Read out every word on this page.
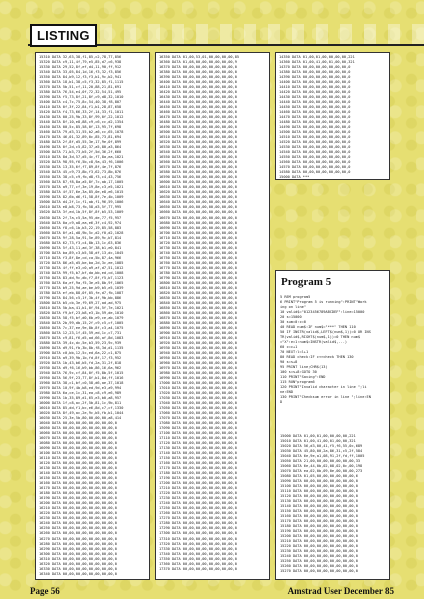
LISTING
15310 DATA 32,63,38,f1,85,c2,78,77,856
15320 DATA c9,11,4f,79,e5,85,d7,c6,938
15330 DATA 29,52,8f,ef,d4,11,90,ff,912
15340 DATA 33,05,84,1d,16,f3,32,f3,856
15350 DATA 84,b9,12,f3,f3,b1,9c,b2,941
15360 DATA 18,b1,38,c5,f3,32,85,f1,1115
15370 DATA 5b,51,cf,11,20,88,21,81,691
15380 DATA 76,54,e4,0f,72,32,54,51,495
15390 DATA f5,73,8f,21,8f,c9,d8,32,1010
15400 DATA c4,7c,75,8c,54,40,38,f8,807
15410 DATA 0f,3f,22,84,f1,b1,28,87,658
15420 DATA f4,73,66,33,2f,14,33,f1,1011
15430 DATA 00,25,9b,33,8f,99,0f,22,1012
15440 DATA 8f,10,e8,88,c9,c6,cc,d2,1354
15450 DATA 00,5c,85,58,0f,13,95,7f,698
15460 DATA 79,d3,31,55,b2,a6,cc,65,1078
15470 DATA 46,01,32,89,0c,85,73,81,694
15480 DATA 2f,8f,d5,55,3e,17,9e,0f,899
15490 DATA 0f,2d,c5,82,37,a5,80,a3,864
15500 DATA 71,b3,73,b5,2f,5d,36,2f,660
15510 DATA 8d,3d,57,d5,4c,f7,8a,ea,1021
15520 DATA 98,95,f6,5b,c8,9a,43,f6,1006
15530 DATA 13,35,6f,f7,89,8f,4e,7f,876
15540 DATA 45,c9,73,8b,f3,62,73,8b,876
15550 DATA 38,c5,c9,fb,d8,f3,c4,43,756
15560 DATA 87,f8,8a,a5,8f,7c,ab,17,1005
15570 DATA a9,77,cf,3e,19,8e,c3,e5,1021
15580 DATA 4f,57,6e,3a,85,0e,e8,e6,1015
15590 DATA 82,6b,d6,f1,58,8f,7e,4b,1009
15600 DATA d4,2f,1c,f1,ab,f1,96,59,1006
15610 DATA e8,b8,73,fb,58,d3,5f,77,995
15620 DATA 3f,ed,1b,5f,8f,8f,b5,53,1009
15630 DATA 2f,7a,c5,5a,95,de,77,f5,957
15640 DATA 0a,c9,a8,ea,e6,3f,c4,92,974
15650 DATA f8,c6,1b,b3,22,19,85,58,883
15660 DATA 0f,a1,d8,9b,5c,d2,f0,d2,1028
15670 DATA 9f,28,5a,91,5e,89,9c,b7,814
15680 DATA 62,73,f3,c4,8b,13,1c,63,836
15690 DATA 5f,43,11,ad,3f,38,b1,e0,841
15700 DATA ba,89,c3,b5,58,df,13,dc,1045
15710 DATA f3,8f,8e,cd,ca,5b,87,4a,966
15720 DATA 86,a5,d5,be,ba,2d,3c,ee,1085
15730 DATA 4f,ff,e3,c0,a9,af,d7,51,1012
15740 DATA 99,f5,b7,bf,da,bb,ed,cd,1008
15750 DATA 83,dd,9c,db,f7,8f,f5,b7,1123
15760 DATA 6a,ef,9a,f5,3e,e5,8b,9f,1065
15770 DATA b9,25,9d,ae,be,b9,b5,e5,1039
15780 DATA ef,eb,88,0f,05,fe,d7,fb,1087
15790 DATA 84,56,c5,1f,3b,4f,9b,bb,886
15800 DATA b5,cb,3e,f9,69,27,ad,ad,975
15810 DATA 5b,ba,41,b1,0f,94,5f,7e,1021
15820 DATA f9,bf,23,b8,e3,1b,59,de,1010
15830 DATA 58,f5,bf,d0,6b,e9,ce,ab,1079
15840 DATA 2b,99,db,15,2f,c9,c5,cf,1005
15850 DATA 7c,37,ee,9e,8b,8f,c3,a4,1075
15860 DATA 12,23,1f,45,59,ed,1c,c7,731
15870 DATA c9,81,f6,d5,ad,66,af,8d,1083
15880 DATA 39,4c,dc,5e,b3,59,23,9c,939
15890 DATA d9,91,fb,3b,8b,f8,3d,d1,1135
15900 DATA c0,bb,12,5c,ed,6a,22,c1,875
15910 DATA a9,39,9b,1b,fd,8f,17,f3,952
15920 DATA 1b,43,b6,b5,fd,2a,31,2f,818
15930 DATA d9,f6,16,b9,bb,86,16,6a,962
15940 DATA 76,9c,cf,84,0f,f5,8b,5f,1015
15950 DATA 56,9f,23,77,8f,b1,8d,ff,1016
15960 DATA 38,c1,bf,c0,58,d6,ae,37,1018
15970 DATA 10,9f,4b,b8,ed,9d,e3,a9,994
15980 DATA 6a,ce,1c,31,ea,c8,c9,e6,989
15990 DATA 1b,35,89,d1,65,e3,b0,a8,957
16000 DATA 1f,c8,ac,2f,5b,81,1c,9b,811
16010 DATA 85,dd,f1,bc,e6,8d,c7,cf,1330
16020 DATA 8f,49,ac,2e,9c,b5,fb,b1,1044
16030 DATA 25,3e,5b,80,00,00,00,a8,414
16040 DATA 00,00,00,00,00,00,00,00,0
16050 DATA 00,00,00,00,00,00,00,00,0
16060 DATA 00,00,00,00,00,00,00,00,0
16070 DATA 00,00,00,00,00,00,00,00,0
16080 DATA 00,00,00,00,00,00,00,00,0
16090 DATA 00,00,00,00,00,00,00,00,0
16100 DATA 00,00,00,00,00,00,00,00,0
16110 DATA 00,00,00,00,00,00,00,00,0
16120 DATA 00,00,00,00,00,00,00,00,0
16130 DATA 00,00,00,00,00,00,00,00,0
16140 DATA 00,00,00,00,00,00,00,00,0
16150 DATA 00,00,00,00,00,00,00,00,0
16160 DATA 00,00,00,00,00,00,00,00,0
16170 DATA 00,00,00,00,00,00,00,00,0
16180 DATA 00,00,00,00,00,00,00,00,0
16190 DATA 00,00,00,00,00,00,00,00,0
16200 DATA 00,00,00,00,00,00,00,00,0
16210 DATA 00,00,00,00,00,00,00,00,0
16220 DATA 00,00,00,00,00,00,00,00,0
16230 DATA 00,00,00,00,00,00,00,00,0
16240 DATA 00,00,00,00,00,00,00,00,0
16250 DATA 00,00,00,00,00,00,00,00,0
16260 DATA 00,00,00,00,00,00,00,00,0
16270 DATA 00,00,00,00,00,00,00,00,0
16280 DATA 00,00,00,00,00,00,00,00,0
16290 DATA 00,00,00,00,00,00,00,00,0
16300 DATA 00,00,00,00,00,00,00,00,0
16310 DATA 00,00,00,00,00,00,00,00,0
16320 DATA 00,00,00,00,00,00,00,00,0
16330 DATA 00,00,00,00,00,00,00,00,0
16340 DATA 00,00,00,00,00,00,00,00,0
16350 DATA 01,00,53,01,00,00,00,00,85
16360 DATA 01,08,00,00,00,00,00,00,9
16370 DATA 00,00,00,00,00,00,00,00,0
16380 DATA 00,00,00,00,00,00,00,00,0
16390 DATA 00,00,00,00,00,00,00,00,0
16400 DATA 00,00,00,00,00,00,00,00,0
16410 DATA 00,00,00,00,00,00,00,00,0
16420 DATA 00,00,00,00,00,00,00,00,0
16430 DATA 00,00,00,00,00,00,00,00,0
16440 DATA 00,00,00,00,00,00,00,00,0
16450 DATA 00,00,00,00,00,00,00,00,0
16460 DATA 00,00,00,00,00,00,00,00,0
16470 DATA 00,00,00,00,00,00,00,00,0
16480 DATA 00,00,00,00,00,00,00,00,0
16490 DATA 00,00,00,00,00,00,00,00,0
16500 DATA 00,00,00,00,00,00,00,00,0
16510 DATA 00,00,00,00,00,00,00,00,0
16520 DATA 00,00,00,00,00,00,00,00,0
16530 DATA 00,00,00,00,00,00,00,00,0
16540 DATA 00,00,00,00,00,00,00,00,0
16550 DATA 00,00,00,00,00,00,00,00,0
16560 DATA 00,00,00,00,00,00,00,00,0
16570 DATA 00,00,00,00,00,00,00,00,0
16580 DATA 00,00,00,00,00,00,00,00,0
16590 DATA 00,00,00,00,00,00,00,00,0
16600 DATA 00,00,00,00,00,00,00,00,0
16610 DATA 00,00,00,00,00,00,00,00,0
16620 DATA 00,00,00,00,00,00,00,00,0
16630 DATA 00,00,00,00,00,00,00,00,0
16640 DATA 00,00,00,00,00,00,00,00,0
16650 DATA 00,00,00,00,00,00,00,00,0
16660 DATA 00,00,00,00,00,00,00,00,0
16670 DATA 00,00,00,00,00,00,00,00,0
16680 DATA 00,00,00,00,00,00,00,00,0
16690 DATA 00,00,00,00,00,00,00,00,0
16700 DATA 00,00,00,00,00,00,00,00,0
16710 DATA 00,00,00,00,00,00,00,00,0
16720 DATA 00,00,00,00,00,00,00,00,0
16730 DATA 00,00,00,00,00,00,00,00,0
16740 DATA 00,00,00,00,00,00,00,00,0
16750 DATA 00,00,00,00,00,00,00,00,0
16760 DATA 00,00,00,00,00,00,00,00,0
16770 DATA 00,00,00,00,00,00,00,00,0
16780 DATA 00,00,00,00,00,00,00,00,0
16790 DATA 00,00,00,00,00,00,00,00,0
16800 DATA 00,00,00,00,00,00,00,00,0
16810 DATA 00,00,00,00,00,00,00,00,0
16820 DATA 00,00,00,00,00,00,00,00,0
16830 DATA 00,00,00,00,00,00,00,00,0
16840 DATA 00,00,00,00,00,00,00,00,0
16850 DATA 00,00,00,00,00,00,00,00,0
16860 DATA 00,00,00,00,00,00,00,00,0
16870 DATA 00,00,00,00,00,00,00,00,0
16880 DATA 00,00,00,00,00,00,00,00,0
16890 DATA 00,00,00,00,00,00,00,00,0
16900 DATA 00,00,00,00,00,00,00,00,0
16910 DATA 00,00,00,00,00,00,00,00,0
16920 DATA 00,00,00,00,00,00,00,00,0
16930 DATA 00,00,00,00,00,00,00,00,0
16940 DATA 00,00,00,00,00,00,00,00,0
16950 DATA 00,00,00,00,00,00,00,00,0
16960 DATA 00,00,00,00,00,00,00,00,0
16970 DATA 00,00,00,00,00,00,00,00,0
16980 DATA 00,00,00,00,00,00,00,00,0
16990 DATA 00,00,00,00,00,00,00,00,0
17000 DATA 00,00,00,00,00,00,00,00,0
17010 DATA 00,00,00,00,00,00,00,00,0
17020 DATA 00,00,00,00,00,00,00,00,0
17030 DATA 00,00,00,00,00,00,00,00,0
17040 DATA 00,00,00,00,00,00,00,00,0
17050 DATA 00,00,00,00,00,00,00,00,0
17060 DATA 00,00,00,00,00,00,00,00,0
17070 DATA 00,00,00,00,00,00,00,00,0
17080 DATA 00,00,00,00,00,00,00,00,0
17090 DATA 00,00,00,00,00,00,00,00,0
17100 DATA 00,00,00,00,00,00,00,00,0
17110 DATA 00,00,00,00,00,00,00,00,0
17120 DATA 00,00,00,00,00,00,00,00,0
17130 DATA 00,00,00,00,00,00,00,00,0
17140 DATA 00,00,00,00,00,00,00,00,0
17150 DATA 00,00,00,00,00,00,00,00,0
17160 DATA 00,00,00,00,00,00,00,00,0
17170 DATA 00,00,00,00,00,00,00,00,0
17180 DATA 00,00,00,00,00,00,00,00,0
17190 DATA 00,00,00,00,00,00,00,00,0
17200 DATA 00,00,00,00,00,00,00,00,0
17210 DATA 00,00,00,00,00,00,00,00,0
17220 DATA 00,00,00,00,00,00,00,00,0
17230 DATA 00,00,00,00,00,00,00,00,0
17240 DATA 00,00,00,00,00,00,00,00,0
17250 DATA 00,00,00,00,00,00,00,00,0
17260 DATA 00,00,00,00,00,00,00,00,0
17270 DATA 00,00,00,00,00,00,00,00,0
17280 DATA 00,00,00,00,00,00,00,00,0
17290 DATA 00,00,00,00,00,00,00,00,0
17300 DATA 00,00,00,00,00,00,00,00,0
17310 DATA 00,00,00,00,00,00,00,00,0
17320 DATA 00,00,00,00,00,00,00,00,0
17330 DATA 00,00,00,00,00,00,00,00,0
17340 DATA 00,00,00,00,00,00,00,00,0
17350 DATA 00,00,00,00,00,00,00,00,0
17360 DATA 00,00,00,00,00,00,00,00,0
17370 DATA 00,00,00,00,00,00,00,00,0
14350 DATA 01,00,01,00,00,00,00,221
14360 DATA 01,00,41,00,01,00,00,321
14370 DATA 00,00,00,00,00,00,00,0
14380 DATA 00,00,00,00,00,00,00,0
14390 DATA 00,00,00,00,00,00,00,0
14400 DATA 00,00,00,00,00,00,00,0
14410 DATA 00,00,00,00,00,00,00,0
14420 DATA 00,00,00,00,00,00,00,0
14430 DATA 00,00,00,00,00,00,00,0
14440 DATA 00,00,00,00,00,00,00,0
14450 DATA 00,00,00,00,00,00,00,0
14460 DATA 00,00,00,00,00,00,00,0
14470 DATA 00,00,00,00,00,00,00,0
14480 DATA 00,00,00,00,00,00,00,0
14490 DATA 00,00,00,00,00,00,00,0
14500 DATA 00,00,00,00,00,00,00,0
14510 DATA 00,00,00,00,00,00,00,0
14520 DATA 00,00,00,00,00,00,00,0
14530 DATA 00,00,00,00,00,00,00,0
14540 DATA 00,00,00,00,00,00,00,0
14550 DATA 00,00,00,00,00,00,00,0
14560 DATA 00,00,00,00,00,00,00,0
14570 DATA 00,00,00,00,00,00,00,0
14580 DATA 00,00,00,00,00,00,00,0
15000 DATA ***
Program 5
5 REM program5
6 PRINT"Program 5 is running":PRINT"Work
ing on line"
10 valid$="0123456789ABCDEF":line=15000
20 s=15000
30 sum=0:c=0
40 READ num$:IF num$="***" THEN 110
50 IF INSTR(valid$,LEFT$(num$,1))=0 OR INS
TR(valid$,RIGHT$(num$,1))=0 THEN num$
="X":e=1:num$=INSTR(valid$,...)
60 c=c+1
70 NEXT:l=l+1
80 READ check:IF c<>check THEN 130
90 s=s+8
95 PRINT line;CHR$(13)
100 s=s+8:GOTO 30
110 PRINT"Saving":END
115 RUN"program6
120 PRINT"Invalid character in line ";li
ne:END
130 PRINT"Checksum error in line ";line:EN
D
15000 DATA 01,00,01,00,00,00,00,221
15010 DATA 01,00,41,00,01,00,00,321
15020 DATA 56,d3,00,41,f5,f6,55,0c,689
15030 DATA 45,80,00,2a,86,31,c5,2f,584
15040 DATA 6e,9e,a1,08,91,2f,fd,ff,1005
15050 DATA 21,00,00,00,00,00,00,00,33
15060 DATA 6e,44,0b,02,08,02,0c,00,198
15070 DATA ea,02,0b,09,0e,00,00,00,273
15080 DATA 01,05,00,00,00,00,00,00,6
15090 DATA 00,00,00,00,00,00,00,00,0
15100 DATA 00,00,00,00,00,00,00,00,0
15110 DATA 00,00,00,00,00,00,00,00,0
15120 DATA 00,00,00,00,00,00,00,00,0
15130 DATA 00,00,00,00,00,00,00,00,0
15140 DATA 00,00,00,00,00,00,00,00,0
15150 DATA 00,00,00,00,00,00,00,00,0
15160 DATA 00,00,00,00,00,00,00,00,0
15170 DATA 00,00,00,00,00,00,00,00,0
15180 DATA 00,00,00,00,00,00,00,00,0
15190 DATA 00,00,00,00,00,00,00,00,0
15200 DATA 00,00,00,00,00,00,00,00,0
15210 DATA 00,00,00,00,00,00,00,00,0
15220 DATA 00,00,00,00,00,00,00,00,0
15230 DATA 00,00,00,00,00,00,00,00,0
15240 DATA 00,00,00,00,00,00,00,00,0
15250 DATA 00,00,00,00,00,00,00,00,0
15260 DATA 00,00,00,00,00,00,00,00,0
15270 DATA 00,00,00,00,00,00,00,00,0
Page 56	Amstrad User December 85
